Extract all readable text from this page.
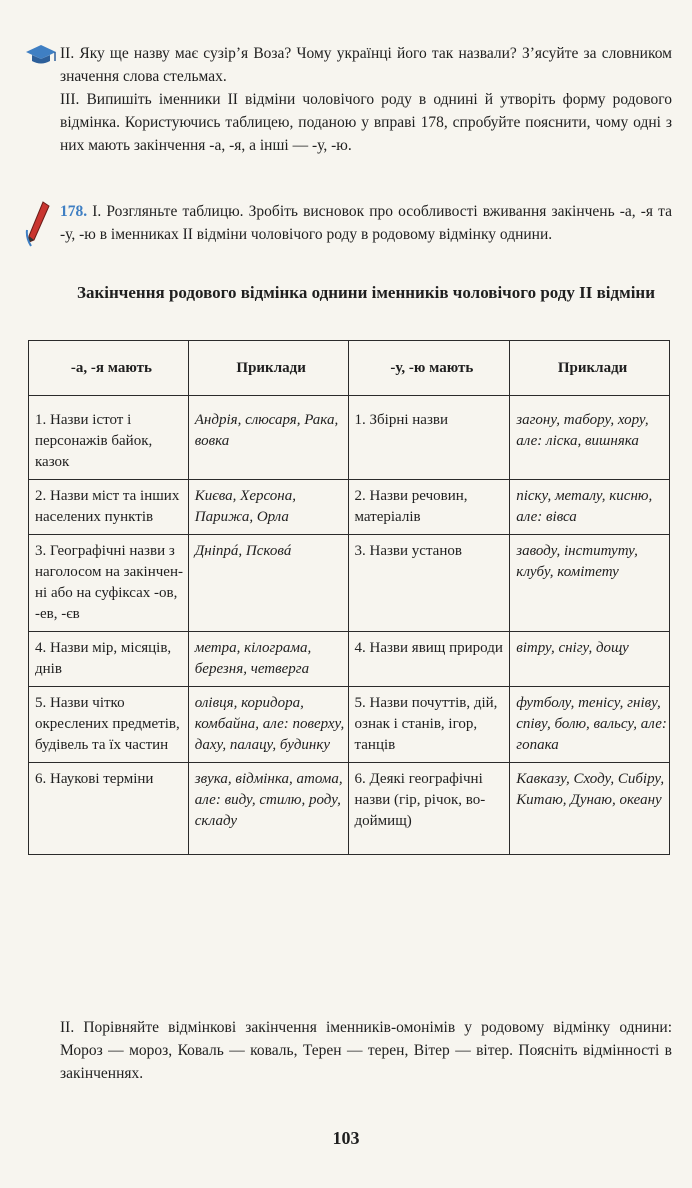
II. Яку ще назву має сузір’я Воза? Чому українці його так назвали? З’ясуйте за словником значення слова стельмах.

III. Випишіть іменники II відміни чоловічого роду в однині й утворіть форму родового відмінка. Користуючись таблицею, поданою у вправі 178, спробуйте пояснити, чому одні з них мають закінчення -а, -я, а інші — -у, -ю.

178. І. Розгляньте таблицю. Зробіть висновок про особливості вживання закінчень -а, -я та -у, -ю в іменниках II відміни чоловічого роду в родовому відмінку однини.

Закінчення родового відмінка однини іменників чоловічого роду II відміни
-а, -я мають	Приклади	-у, -ю мають	Приклади
1. Назви істот і персонажів байок, казок	Андрія, слюсаря, Рака, вовка	1. Збірні назви	загону, табору, хору, але: ліска, вишняка
2. Назви міст та інших населених пунктів	Києва, Херсона, Парижа, Орла	2. Назви речовин, матеріалів	піску, металу, кисню, але: вівса
3. Географічні назви з наголосом на закінченні або на суфіксах -ов, -ев, -єв	Дніпрá, Псковá	3. Назви установ	заводу, інституту, клубу, комітету
4. Назви мір, місяців, днів	метра, кілограма, березня, четверга	4. Назви явищ природи	вітру, снігу, дощу
5. Назви чітко окреслених предметів, будівель та їх частин	олівця, коридора, комбайна, але: поверху, даху, палацу, будинку	5. Назви почуттів, дій, ознак і станів, ігор, танців	футболу, тенісу, гніву, співу, болю, вальсу, але: гопака
6. Наукові терміни	звука, відмінка, атома, але: виду, стилю, роду, складу	6. Деякі географічні назви (гір, річок, водоймищ)	Кавказу, Сходу, Сибіру, Китаю, Дунаю, океану

II. Порівняйте відмінкові закінчення іменників-омонімів у родовому відмінку однини: Мороз — мороз, Коваль — коваль, Терен — терен, Вітер — вітер. Поясніть відмінності в закінченнях.

103
